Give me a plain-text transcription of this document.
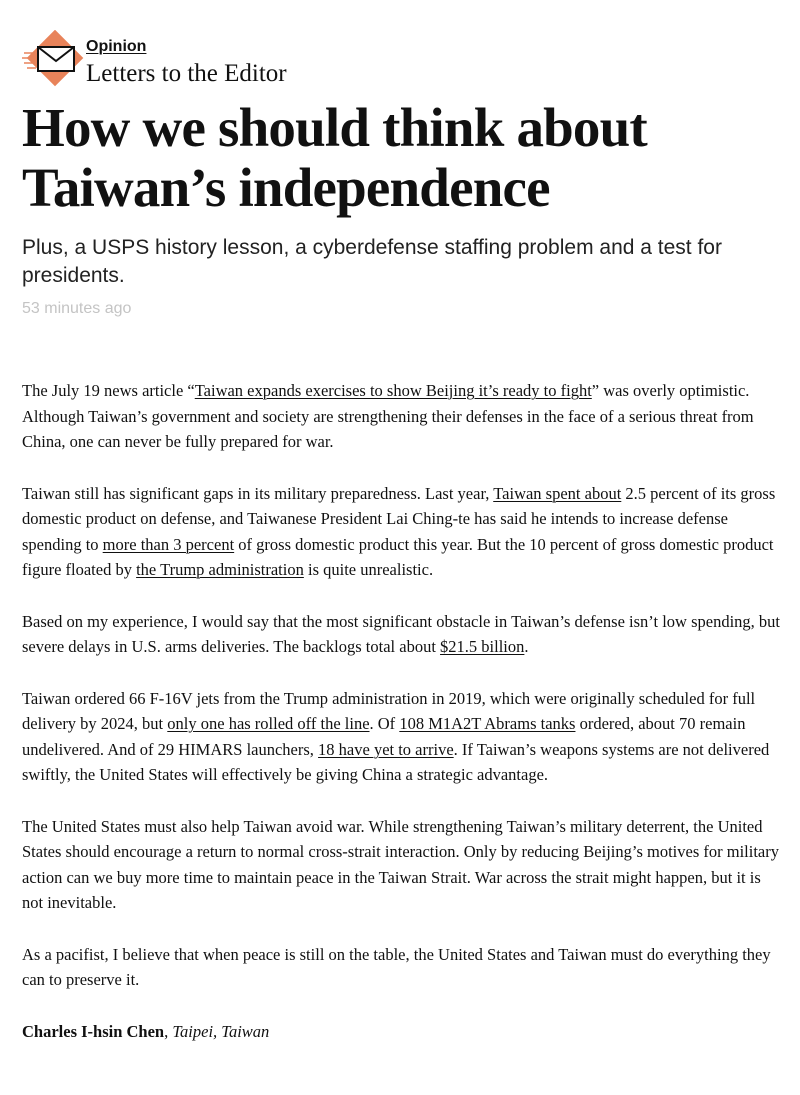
Opinion
Letters to the Editor
How we should think about
Taiwan’s independence

Plus, a USPS history lesson, a cyberdefense staffing problem and a test for presidents.

53 minutes ago

The July 19 news article “Taiwan expands exercises to show Beijing it’s ready to fight” was overly optimistic. Although Taiwan’s government and society are strengthening their defenses in the face of a serious threat from China, one can never be fully prepared for war.

Taiwan still has significant gaps in its military preparedness. Last year, Taiwan spent about 2.5 percent of its gross domestic product on defense, and Taiwanese President Lai Ching-te has said he intends to increase defense spending to more than 3 percent of gross domestic product this year. But the 10 percent of gross domestic product figure floated by the Trump administration is quite unrealistic.

Based on my experience, I would say that the most significant obstacle in Taiwan’s defense isn’t low spending, but severe delays in U.S. arms deliveries. The backlogs total about $21.5 billion.

Taiwan ordered 66 F-16V jets from the Trump administration in 2019, which were originally scheduled for full delivery by 2024, but only one has rolled off the line. Of 108 M1A2T Abrams tanks ordered, about 70 remain undelivered. And of 29 HIMARS launchers, 18 have yet to arrive. If Taiwan’s weapons systems are not delivered swiftly, the United States will effectively be giving China a strategic advantage.

The United States must also help Taiwan avoid war. While strengthening Taiwan’s military deterrent, the United States should encourage a return to normal cross-strait interaction. Only by reducing Beijing’s motives for military action can we buy more time to maintain peace in the Taiwan Strait. War across the strait might happen, but it is not inevitable.

As a pacifist, I believe that when peace is still on the table, the United States and Taiwan must do everything they can to preserve it.

Charles I-hsin Chen, Taipei, Taiwan
